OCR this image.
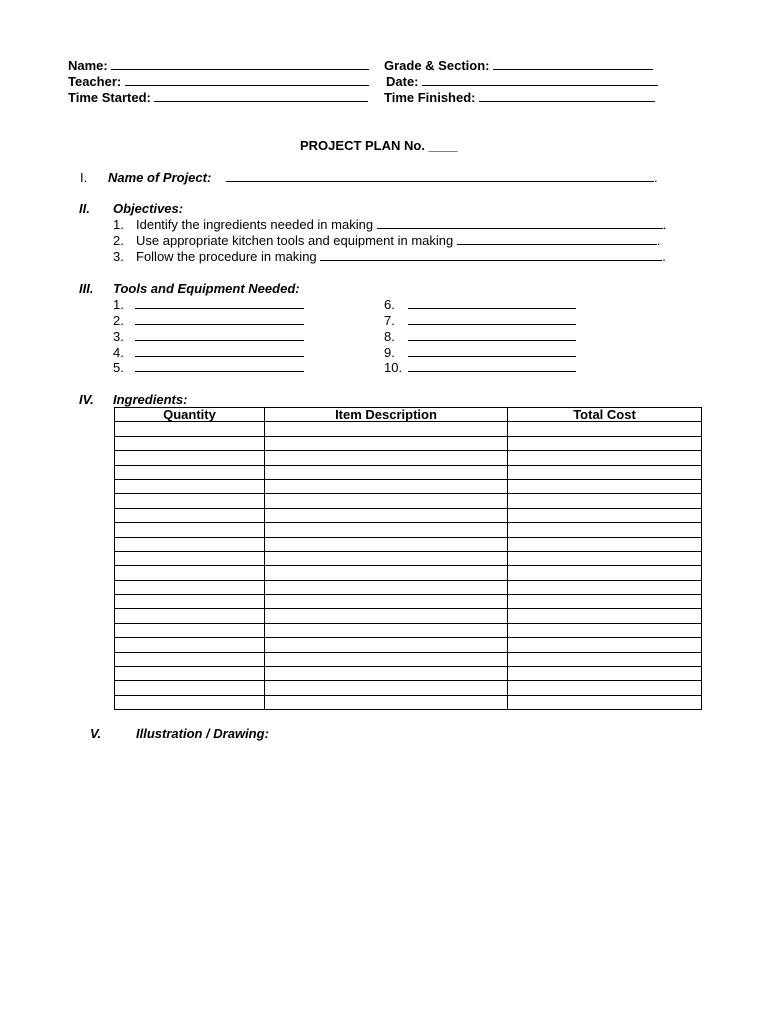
Name:	Grade & Section:
Teacher:	Date:
Time Started:	Time Finished:
PROJECT PLAN No. ____
I. Name of Project:	.
II. Objectives:
1. Identify the ingredients needed in making	.
2. Use appropriate kitchen tools and equipment in making	.
3. Follow the procedure in making	.
III. Tools and Equipment Needed:
1.
2.
3.
4.
5.
6.
7.
8.
9.
10.
IV. Ingredients:
Quantity	Item Description	Total Cost

V.	Illustration / Drawing:
